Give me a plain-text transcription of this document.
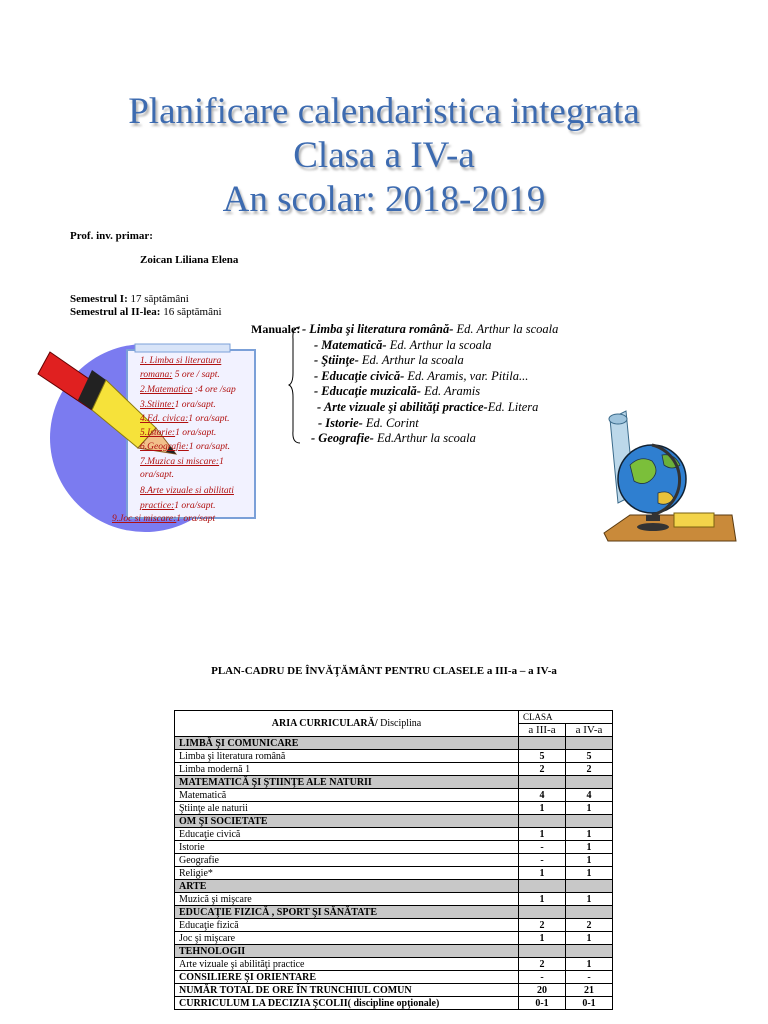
Planificare calendaristica integrata
Clasa a IV-a
An scolar: 2018-2019
Prof. inv. primar:
Zoican Liliana Elena
Semestrul I: 17 săptămâni
Semestrul al II-lea: 16 săptămâni
Manuale: - Limba şi literatura română- Ed. Arthur la scoala
- Matematică- Ed. Arthur la scoala
- Ştiinţe- Ed. Arthur la scoala
- Educaţie civică- Ed. Aramis, var. Pitila...
- Educaţie muzicală- Ed. Aramis
- Arte vizuale şi abilităţi practice-Ed. Litera
- Istorie- Ed. Corint
- Geografie- Ed.Arthur la scoala
1. Limba si literatura
romana: 5 ore / sapt.
2.Matematica :4 ore /sap
3.Stiinte:1 ora/sapt.
4.Ed. civica:1 ora/sapt.
5.Istorie:1 ora/sapt.
6.Geografie:1 ora/sapt.
7.Muzica si miscare:1
ora/sapt.
8.Arte vizuale si abilitati
practice:1 ora/sapt.
9.Joc si miscare:1 ora/sapt
PLAN-CADRU DE ÎNVĂŢĂMÂNT PENTRU CLASELE a III-a – a IV-a
ARIA CURRICULARĂ/ Disciplina	CLASA	
	a III-a	a IV-a
LIMBĂ ŞI COMUNICARE		
Limba şi literatura română	5	5
Limba modernă 1	2	2
MATEMATICĂ ŞI ŞTIINŢE ALE NATURII		
Matematică	4	4
Ştiinţe ale naturii	1	1
OM ŞI SOCIETATE		
Educaţie civică	1	1
Istorie	-	1
Geografie	-	1
Religie*	1	1
ARTE		
Muzică şi mişcare	1	1
EDUCAŢIE FIZICĂ , SPORT ŞI SĂNĂTATE		
Educaţie fizică	2	2
Joc şi mişcare	1	1
TEHNOLOGII		
Arte vizuale şi abilităţi practice	2	1
CONSILIERE ŞI ORIENTARE	-	-
NUMĂR TOTAL DE ORE ÎN TRUNCHIUL COMUN	20	21
CURRICULUM LA DECIZIA ŞCOLII( discipline opţionale)	0-1	0-1
